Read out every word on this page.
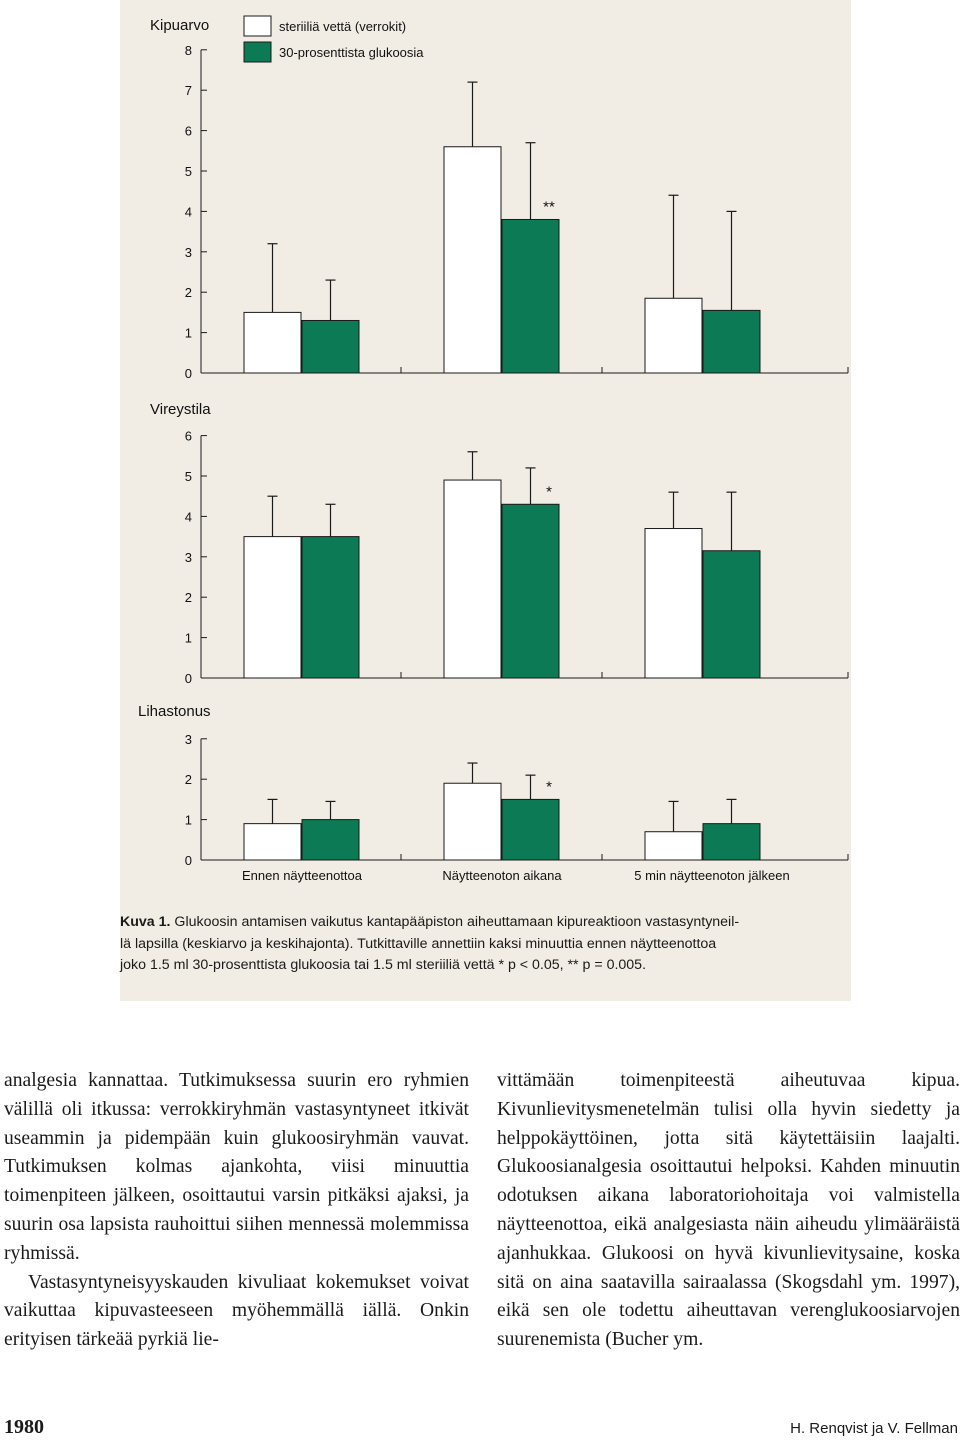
Kipuarvo
0
1
2
3
4
5
6
7
8
**
Vireystila
0
1
2
3
4
5
6
*
Lihastonus
0
1
2
3
*
steriiliä vettä (verrokit)
30-prosenttista glukoosia
Ennen näytteenottoa	Näytteenoton aikana	5 min näytteenoton jälkeen
Kuva 1. Glukoosin antamisen vaikutus kantapääpiston aiheuttamaan kipureaktioon vastasyntyneil-
lä lapsilla (keskiarvo ja keskihajonta). Tutkittaville annettiin kaksi minuuttia ennen näytteenottoa
joko 1.5 ml 30-prosenttista glukoosia tai 1.5 ml steriiliä vettä * p < 0.05, ** p = 0.005.

analgesia kannattaa. Tutkimuksessa suurin ero ryhmien välillä oli itkussa: verrokkiryhmän vastasyntyneet itkivät useammin ja pidempään kuin glukoosiryhmän vauvat. Tutkimuksen kolmas ajankohta, viisi minuuttia toimenpiteen jälkeen, osoittautui varsin pitkäksi ajaksi, ja suurin osa lapsista rauhoittui siihen mennessä molemmissa ryhmissä.

Vastasyntyneisyyskauden kivuliaat kokemukset voivat vaikuttaa kipuvasteeseen myöhemmällä iällä. Onkin erityisen tärkeää pyrkiä lie-

vittämään toimenpiteestä aiheutuvaa kipua. Kivunlievitysmenetelmän tulisi olla hyvin siedetty ja helppokäyttöinen, jotta sitä käytettäisiin laajalti. Glukoosianalgesia osoittautui helpoksi. Kahden minuutin odotuksen aikana laboratoriohoitaja voi valmistella näytteenottoa, eikä analgesiasta näin aiheudu ylimääräistä ajanhukkaa. Glukoosi on hyvä kivunlievitysaine, koska sitä on aina saatavilla sairaalassa (Skogsdahl ym. 1997), eikä sen ole todettu aiheuttavan verenglukoosiarvojen suurenemista (Bucher ym.

1980	H. Renqvist ja V. Fellman
